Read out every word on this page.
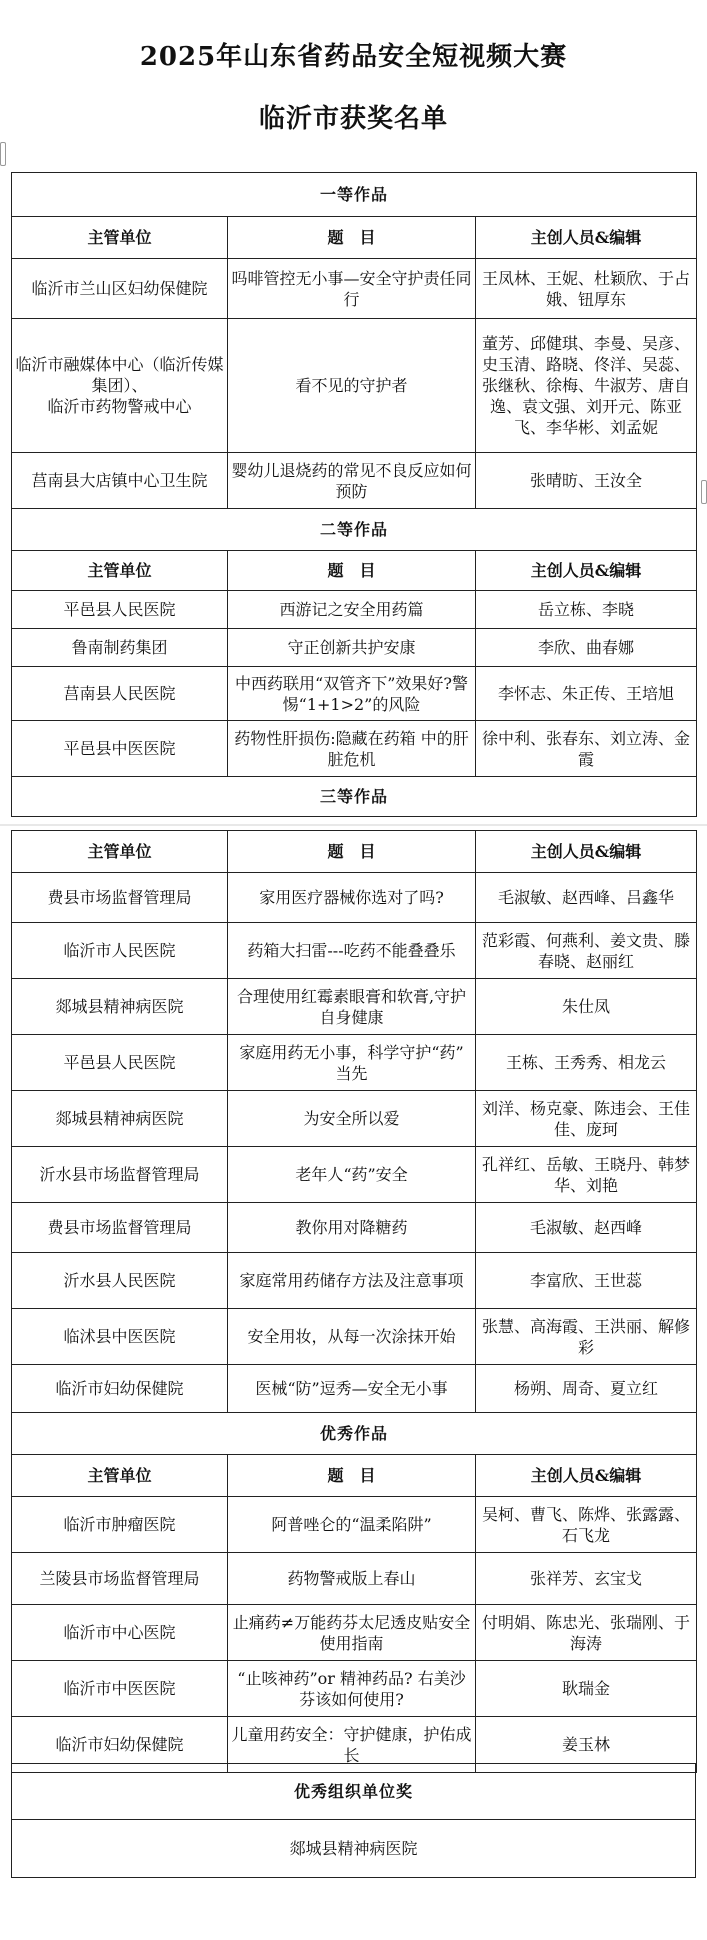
2025年山东省药品安全短视频大赛
临沂市获奖名单
一等作品		
主管单位	题　目	主创人员&编辑
临沂市兰山区妇幼保健院	吗啡管控无小事—安全守护责任同行	王凤林、王妮、杜颖欣、于占娥、钮厚东
临沂市融媒体中心（临沂传媒集团）、
临沂市药物警戒中心	看不见的守护者	董芳、邱健琪、李曼、吴彦、史玉清、路晓、佟洋、吴蕊、张继秋、徐梅、牛淑芳、唐自逸、袁文强、刘开元、陈亚飞、李华彬、刘孟妮
莒南县大店镇中心卫生院	婴幼儿退烧药的常见不良反应如何预防	张晴昉、王汝全
二等作品		
主管单位	题　目	主创人员&编辑
平邑县人民医院	西游记之安全用药篇	岳立栋、李晓
鲁南制药集团	守正创新共护安康	李欣、曲春娜
莒南县人民医院	中西药联用“双管齐下”效果好?警惕“1+1>2”的风险	李怀志、朱正传、王培旭
平邑县中医医院	药物性肝损伤:隐藏在药箱 中的肝脏危机	徐中利、张春东、刘立涛、金霞
三等作品		
主管单位	题　目	主创人员&编辑
费县市场监督管理局	家用医疗器械你选对了吗?	毛淑敏、赵西峰、吕鑫华
临沂市人民医院	药箱大扫雷---吃药不能叠叠乐	范彩霞、何燕利、姜文贵、滕春晓、赵丽红
郯城县精神病医院	合理使用红霉素眼膏和软膏,守护自身健康	朱仕凤
平邑县人民医院	家庭用药无小事，科学守护“药” 当先	王栋、王秀秀、相龙云
郯城县精神病医院	为安全所以爱	刘洋、杨克豪、陈违会、王佳佳、庞珂
沂水县市场监督管理局	老年人“药”安全	孔祥红、岳敏、王晓丹、韩梦华、刘艳
费县市场监督管理局	教你用对降糖药	毛淑敏、赵西峰
沂水县人民医院	家庭常用药储存方法及注意事项	李富欣、王世蕊
临沭县中医医院	安全用妆，从每一次涂抹开始	张慧、高海霞、王洪丽、解修彩
临沂市妇幼保健院	医械“防”逗秀—安全无小事	杨朔、周奇、夏立红
优秀作品		
主管单位	题　目	主创人员&编辑
临沂市肿瘤医院	阿普唑仑的“温柔陷阱”	吴柯、曹飞、陈烨、张露露、石飞龙
兰陵县市场监督管理局	药物警戒版上春山	张祥芳、玄宝戈
临沂市中心医院	止痛药≠万能药芬太尼透皮贴安全使用指南	付明娟、陈忠光、张瑞刚、于海涛
临沂市中医医院	“止咳神药”or 精神药品? 右美沙芬该如何使用?	耿瑞金
临沂市妇幼保健院	儿童用药安全：守护健康，护佑成长	姜玉林
优秀组织单位奖
郯城县精神病医院
